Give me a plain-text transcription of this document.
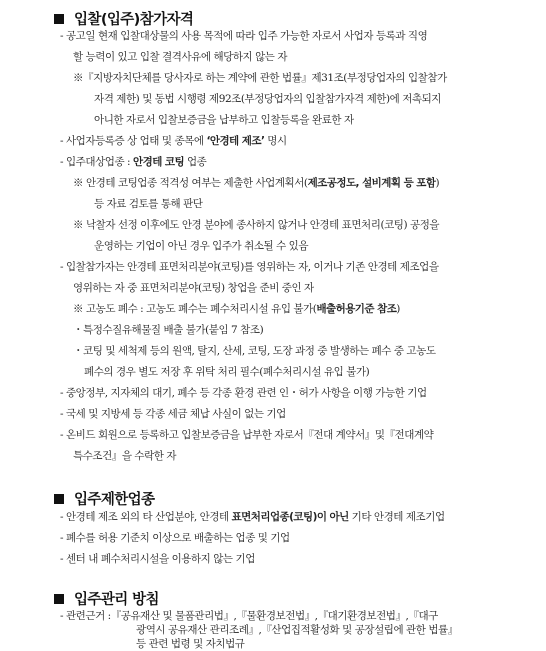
입찰(입주)참가자격
- 공고일 현재 입찰대상물의 사용 목적에 따라 입주 가능한 자로서 사업자 등록과 직영
할 능력이 있고 입찰 결격사유에 해당하지 않는 자
※『지방자치단체를 당사자로 하는 계약에 관한 법률』제31조(부정당업자의 입찰참가
자격 제한) 및 동법 시행령 제92조(부정당업자의 입찰참가자격 제한)에 저촉되지
아니한 자로서 입찰보증금을 납부하고 입찰등록을 완료한 자
- 사업자등록증 상 업태 및 종목에 ‘안경테 제조’ 명시
- 입주대상업종 : 안경테 코팅 업종
※ 안경테 코팅업종 적격성 여부는 제출한 사업계획서(제조공정도, 설비계획 등 포함)
등 자료 검토를 통해 판단
※ 낙찰자 선정 이후에도 안경 분야에 종사하지 않거나 안경테 표면처리(코팅) 공정을
운영하는 기업이 아닌 경우 입주가 취소될 수 있음
- 입찰참가자는 안경테 표면처리분야(코팅)를 영위하는 자, 이거나 기존 안경테 제조업을
영위하는 자 중 표면처리분야(코팅) 창업을 준비 중인 자
※ 고농도 폐수 : 고농도 폐수는 폐수처리시설 유입 불가(배출허용기준 참조)
・특정수질유해물질 배출 불가(붙임 7 참조)
・코팅 및 세척제 등의 원액, 탈지, 산세, 코팅, 도장 과정 중 발생하는 폐수 중 고농도
폐수의 경우 별도 저장 후 위탁 처리 필수(폐수처리시설 유입 불가)
- 중앙정부, 지자체의 대기, 폐수 등 각종 환경 관련 인・허가 사항을 이행 가능한 기업
- 국세 및 지방세 등 각종 세금 체납 사실이 없는 기업
- 온비드 회원으로 등록하고 입찰보증금을 납부한 자로서『전대 계약서』및『전대계약
특수조건』을 수락한 자
입주제한업종
- 안경테 제조 외의 타 산업분야, 안경테 표면처리업종(코팅)이 아닌 기타 안경테 제조기업
- 폐수를 허용 기준치 이상으로 배출하는 업종 및 기업
- 센터 내 폐수처리시설을 이용하지 않는 기업
입주관리 방침
- 관련근거 :『공유재산 및 물품관리법』,『물환경보전법』,『대기환경보전법』,『대구
광역시 공유재산 관리조례』,『산업집적활성화 및 공장설립에 관한 법률』
등 관련 법령 및 자치법규
